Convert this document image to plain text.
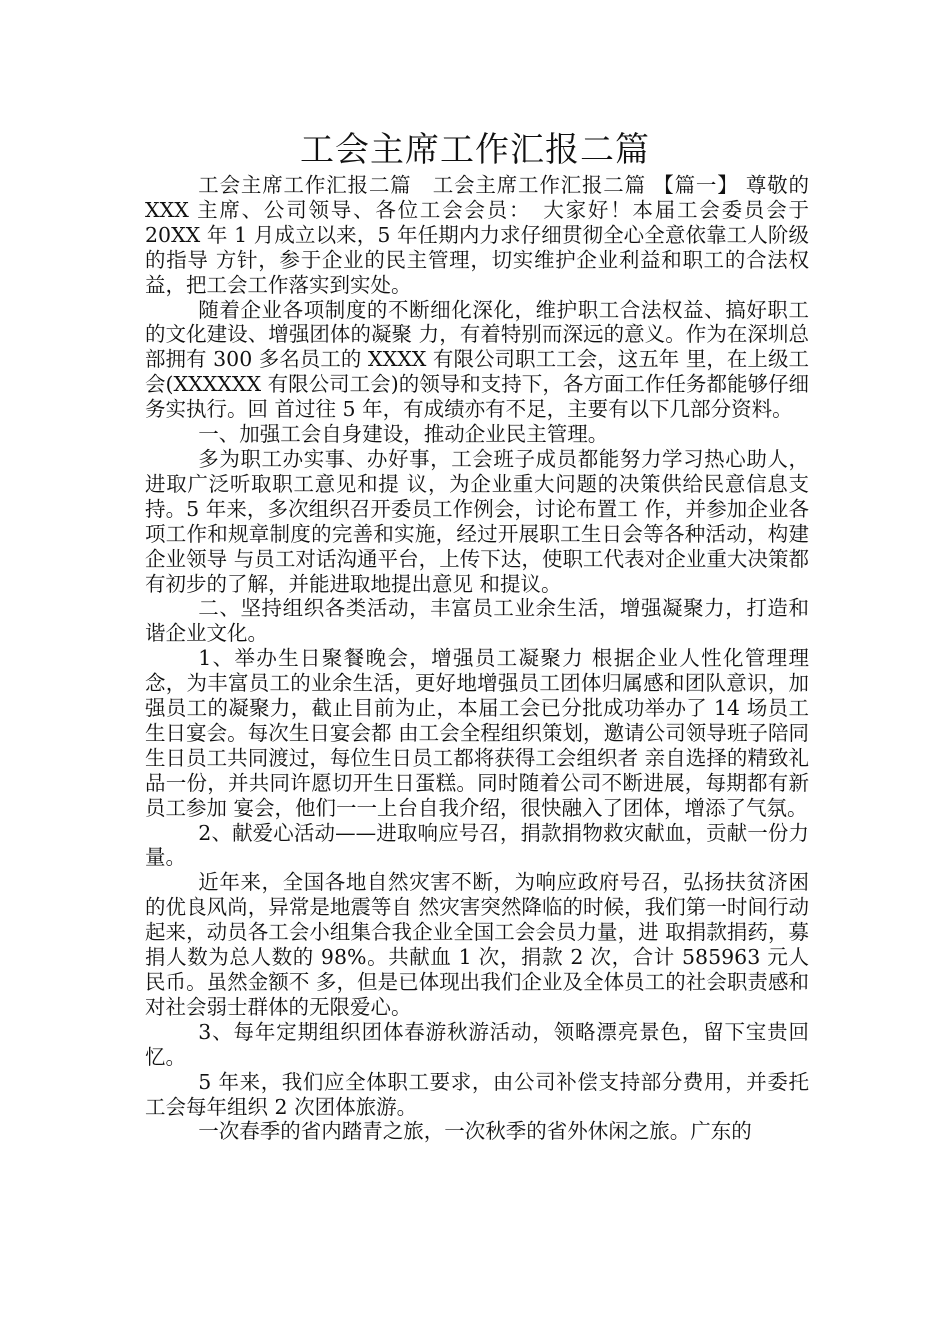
工会主席工作汇报二篇

工会主席工作汇报二篇　工会主席工作汇报二篇 【篇一】 尊敬的 XXX 主席、公司领导、各位工会会员：　大家好！本届工会委员会于 20XX 年 1 月成立以来，5 年任期内力求仔细贯彻全心全意依靠工人阶级的指导 方针，参于企业的民主管理，切实维护企业利益和职工的合法权益，把工会工作落实到实处。

随着企业各项制度的不断细化深化，维护职工合法权益、搞好职工的文化建设、增强团体的凝聚 力，有着特别而深远的意义。作为在深圳总部拥有 300 多名员工的 XXXX 有限公司职工工会，这五年 里，在上级工会(XXXXXX 有限公司工会)的领导和支持下，各方面工作任务都能够仔细务实执行。回 首过往 5 年，有成绩亦有不足，主要有以下几部分资料。

一、加强工会自身建设，推动企业民主管理。

多为职工办实事、办好事，工会班子成员都能努力学习热心助人，进取广泛听取职工意见和提 议，为企业重大问题的决策供给民意信息支持。5 年来，多次组织召开委员工作例会，讨论布置工 作，并参加企业各项工作和规章制度的完善和实施，经过开展职工生日会等各种活动，构建企业领导 与员工对话沟通平台，上传下达，使职工代表对企业重大决策都有初步的了解，并能进取地提出意见 和提议。

二、坚持组织各类活动，丰富员工业余生活，增强凝聚力，打造和谐企业文化。

1、举办生日聚餐晚会，增强员工凝聚力 根据企业人性化管理理念，为丰富员工的业余生活，更好地增强员工团体归属感和团队意识，加 强员工的凝聚力，截止目前为止，本届工会已分批成功举办了 14 场员工生日宴会。每次生日宴会都 由工会全程组织策划，邀请公司领导班子陪同生日员工共同渡过，每位生日员工都将获得工会组织者 亲自选择的精致礼品一份，并共同许愿切开生日蛋糕。同时随着公司不断进展，每期都有新员工参加 宴会，他们一一上台自我介绍，很快融入了团体，增添了气氛。

2、献爱心活动——进取响应号召，捐款捐物救灾献血，贡献一份力量。

近年来，全国各地自然灾害不断，为响应政府号召，弘扬扶贫济困的优良风尚，异常是地震等自 然灾害突然降临的时候，我们第一时间行动起来，动员各工会小组集合我企业全国工会会员力量，进 取捐款捐药，募捐人数为总人数的 98%。共献血 1 次，捐款 2 次，合计 585963 元人民币。虽然金额不 多，但是已体现出我们企业及全体员工的社会职责感和对社会弱士群体的无限爱心。

3、每年定期组织团体春游秋游活动，领略漂亮景色，留下宝贵回忆。

5 年来，我们应全体职工要求，由公司补偿支持部分费用，并委托工会每年组织 2 次团体旅游。

一次春季的省内踏青之旅，一次秋季的省外休闲之旅。广东的
